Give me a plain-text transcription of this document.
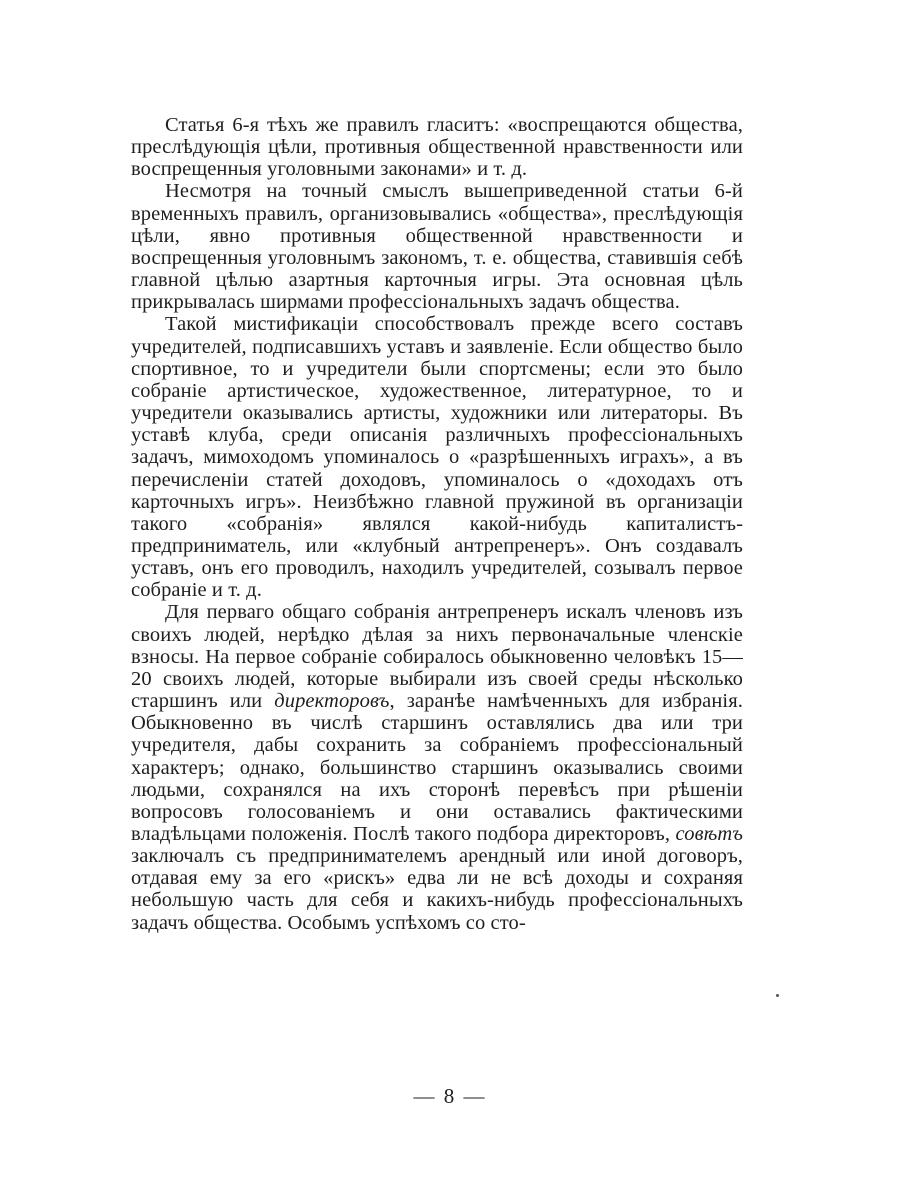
Статья 6-я тѣхъ же правилъ гласитъ: «воспрещаются общества, преслѣдующія цѣли, противныя общественной нравственности или воспрещенныя уголовными законами» и т. д.

Несмотря на точный смыслъ вышеприведенной статьи 6-й временныхъ правилъ, организовывались «общества», преслѣдующія цѣли, явно противныя общественной нравственности и воспрещенныя уголовнымъ закономъ, т. е. общества, ставившія себѣ главной цѣлью азартныя карточныя игры. Эта основная цѣль прикрывалась ширмами профессіональныхъ задачъ общества.

Такой мистификаціи способствовалъ прежде всего составъ учредителей, подписавшихъ уставъ и заявленіе. Если общество было спортивное, то и учредители были спортсмены; если это было собраніе артистическое, художественное, литературное, то и учредители оказывались артисты, художники или литераторы. Въ уставѣ клуба, среди описанія различныхъ профессіональныхъ задачъ, мимоходомъ упоминалось о «разрѣшенныхъ играхъ», а въ перечисленіи статей доходовъ, упоминалось о «доходахъ отъ карточныхъ игръ». Неизбѣжно главной пружиной въ организаціи такого «собранія» являлся какой-нибудь капиталистъ-предприниматель, или «клубный антрепренеръ». Онъ создавалъ уставъ, онъ его проводилъ, находилъ учредителей, созывалъ первое собраніе и т. д.

Для перваго общаго собранія антрепренеръ искалъ членовъ изъ своихъ людей, нерѣдко дѣлая за нихъ первоначальные членскіе взносы. На первое собраніе собиралось обыкновенно человѣкъ 15—20 своихъ людей, которые выбирали изъ своей среды нѣсколько старшинъ или директоровъ, заранѣе намѣченныхъ для избранія. Обыкновенно въ числѣ старшинъ оставлялись два или три учредителя, дабы сохранить за собраніемъ профессіональный характеръ; однако, большинство старшинъ оказывались своими людьми, сохранялся на ихъ сторонѣ перевѣсъ при рѣшеніи вопросовъ голосованіемъ и они оставались фактическими владѣльцами положенія. Послѣ такого подбора директоровъ, совѣтъ заключалъ съ предпринимателемъ арендный или иной договоръ, отдавая ему за его «рискъ» едва ли не всѣ доходы и сохраняя небольшую часть для себя и какихъ-нибудь профессіональныхъ задачъ общества. Особымъ успѣхомъ со сто-

— 8 —
